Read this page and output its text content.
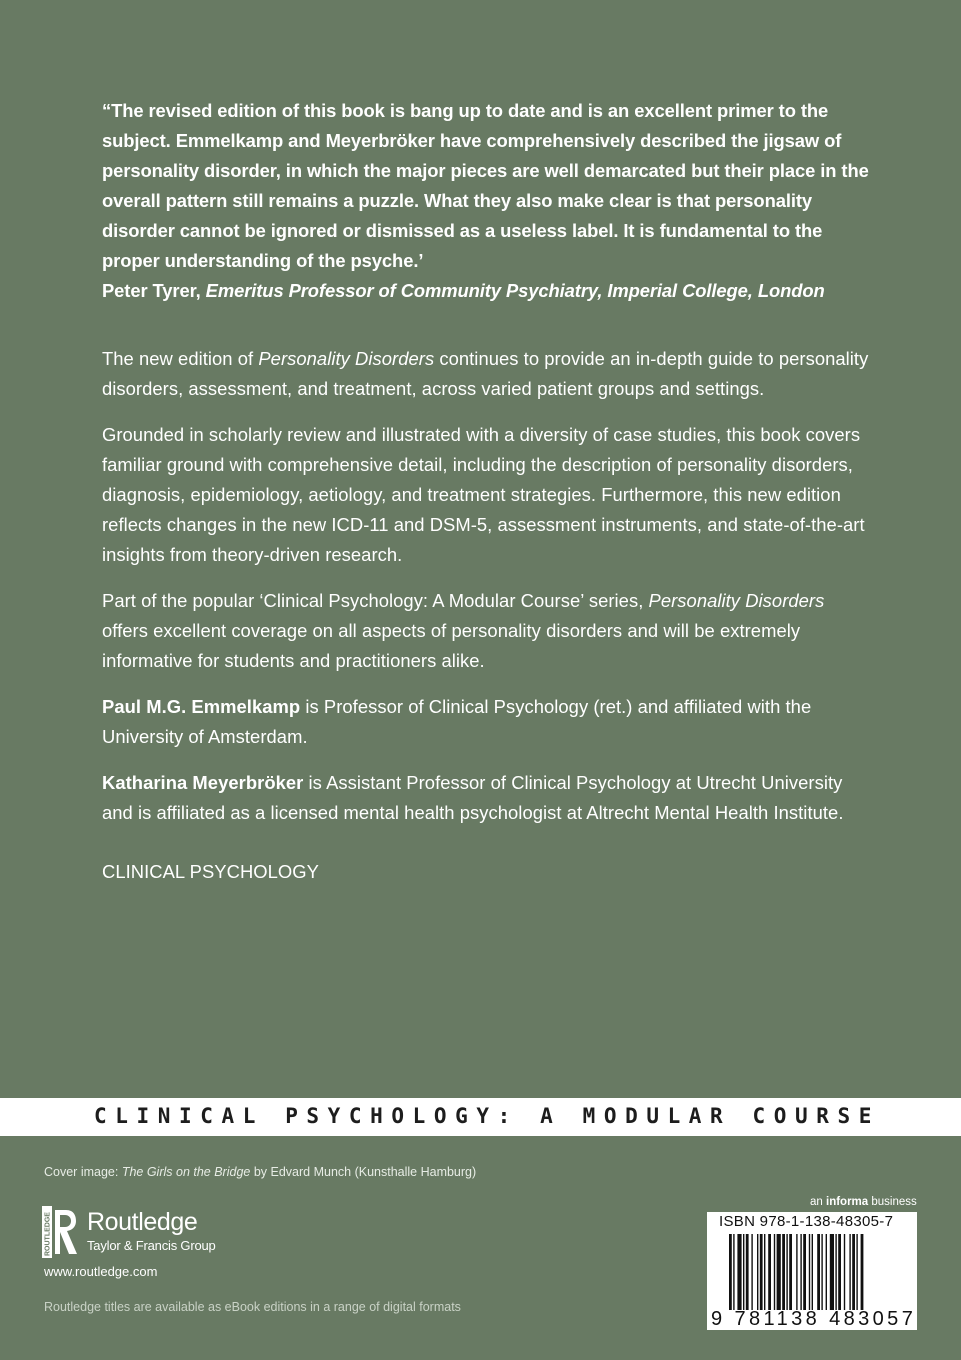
“The revised edition of this book is bang up to date and is an excellent primer to the subject. Emmelkamp and Meyerbröker have comprehensively described the jigsaw of personality disorder, in which the major pieces are well demarcated but their place in the overall pattern still remains a puzzle. What they also make clear is that personality disorder cannot be ignored or dismissed as a useless label. It is fundamental to the proper understanding of the psyche.’

Peter Tyrer, Emeritus Professor of Community Psychiatry, Imperial College, London

The new edition of Personality Disorders continues to provide an in-depth guide to personality disorders, assessment, and treatment, across varied patient groups and settings.

Grounded in scholarly review and illustrated with a diversity of case studies, this book covers familiar ground with comprehensive detail, including the description of personality disorders, diagnosis, epidemiology, aetiology, and treatment strategies. Furthermore, this new edition reflects changes in the new ICD-11 and DSM-5, assessment instruments, and state-of-the-art insights from theory-driven research.

Part of the popular ‘Clinical Psychology: A Modular Course’ series, Personality Disorders offers excellent coverage on all aspects of personality disorders and will be extremely informative for students and practitioners alike.

Paul M.G. Emmelkamp is Professor of Clinical Psychology (ret.) and affiliated with the University of Amsterdam.

Katharina Meyerbröker is Assistant Professor of Clinical Psychology at Utrecht University and is affiliated as a licensed mental health psychologist at Altrecht Mental Health Institute.

CLINICAL PSYCHOLOGY

CLINICAL PSYCHOLOGY: A MODULAR COURSE
Cover image: The Girls on the Bridge by Edvard Munch (Kunsthalle Hamburg)
ROUTLEDGE Routledge
Taylor & Francis Group
www.routledge.com
Routledge titles are available as eBook editions in a range of digital formats
an informa business
ISBN 978-1-138-48305-7
9 781138 483057
